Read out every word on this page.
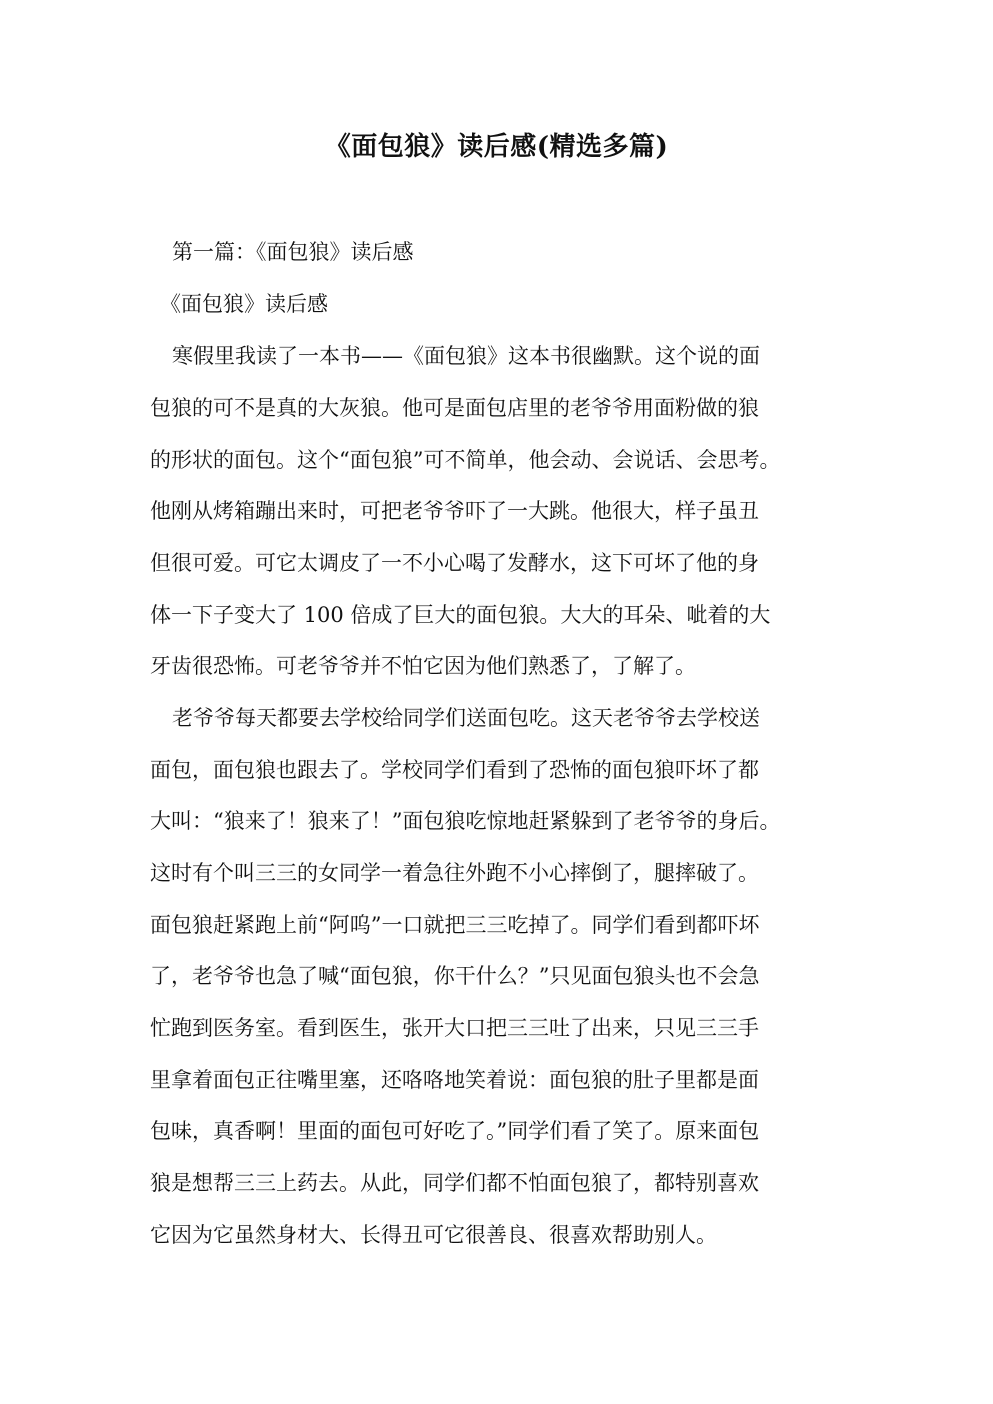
《面包狼》读后感(精选多篇)
第一篇：《面包狼》读后感
《面包狼》读后感
寒假里我读了一本书——《面包狼》这本书很幽默。这个说的面
包狼的可不是真的大灰狼。他可是面包店里的老爷爷用面粉做的狼
的形状的面包。这个“面包狼”可不简单，他会动、会说话、会思考。
他刚从烤箱蹦出来时，可把老爷爷吓了一大跳。他很大，样子虽丑
但很可爱。可它太调皮了一不小心喝了发酵水，这下可坏了他的身
体一下子变大了 100 倍成了巨大的面包狼。大大的耳朵、呲着的大
牙齿很恐怖。可老爷爷并不怕它因为他们熟悉了，了解了。
老爷爷每天都要去学校给同学们送面包吃。这天老爷爷去学校送
面包，面包狼也跟去了。学校同学们看到了恐怖的面包狼吓坏了都
大叫：“狼来了！狼来了！”面包狼吃惊地赶紧躲到了老爷爷的身后。
这时有个叫三三的女同学一着急往外跑不小心摔倒了，腿摔破了。
面包狼赶紧跑上前“阿呜”一口就把三三吃掉了。同学们看到都吓坏
了，老爷爷也急了喊“面包狼，你干什么？”只见面包狼头也不会急
忙跑到医务室。看到医生，张开大口把三三吐了出来，只见三三手
里拿着面包正往嘴里塞，还咯咯地笑着说：面包狼的肚子里都是面
包味，真香啊！里面的面包可好吃了。”同学们看了笑了。原来面包
狼是想帮三三上药去。从此，同学们都不怕面包狼了，都特别喜欢
它因为它虽然身材大、长得丑可它很善良、很喜欢帮助别人。
